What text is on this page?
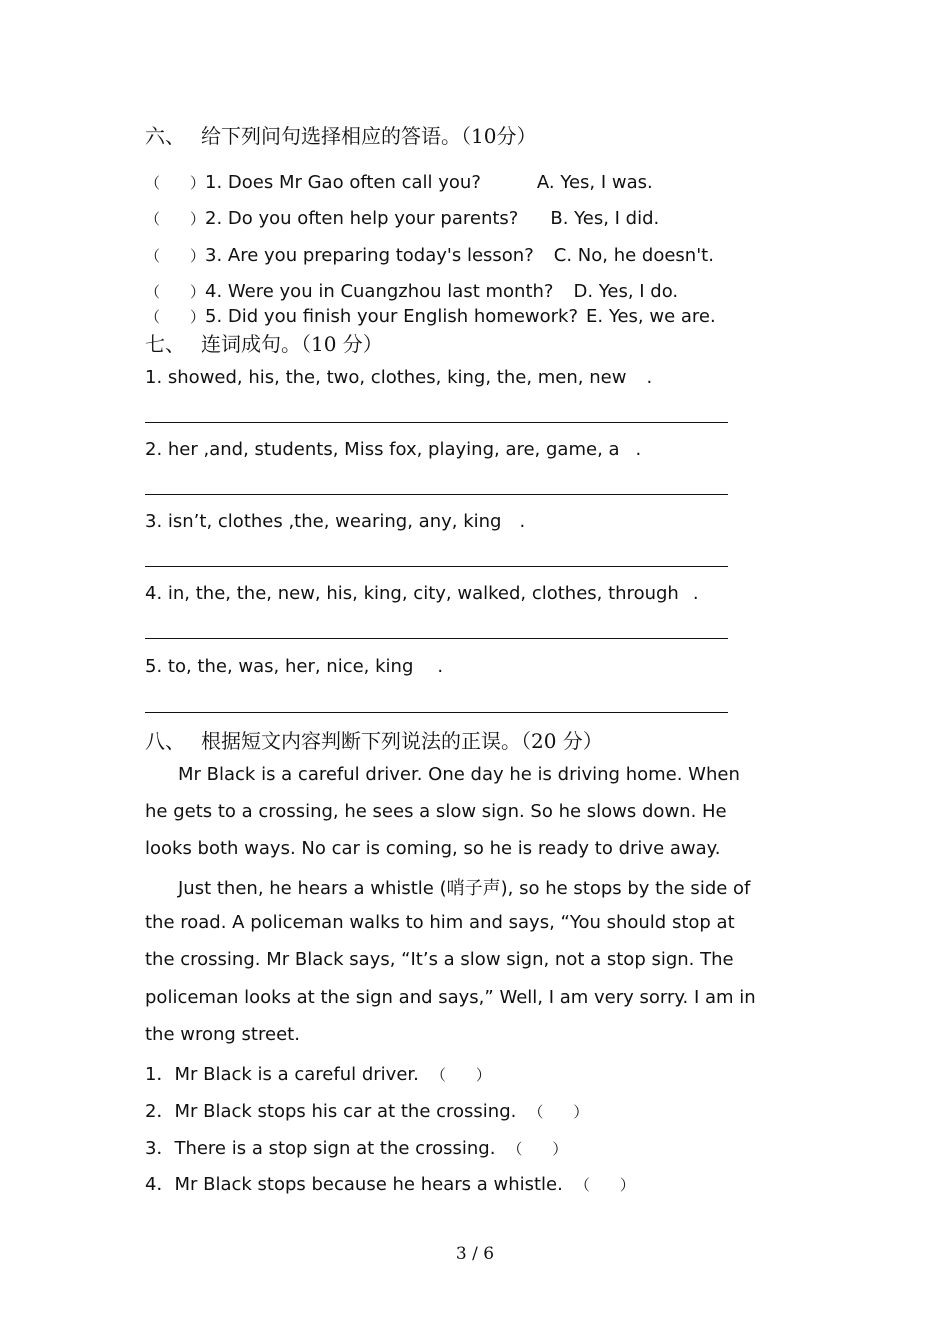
六、 给下列问句选择相应的答语。（10分）
（　　）1. Does Mr Gao often call you?	A. Yes, I was.
（　　）2. Do you often help your parents? B. Yes, I did.
（　　）3. Are you preparing today's lesson? C. No, he doesn't.
（　　）4. Were you in Cuangzhou last month? D. Yes, I do.
（　　）5. Did you finish your English homework? E. Yes, we are.
七、 连词成句。（10 分）
1. showed, his, the, two, clothes, king, the, men, new .
2. her ,and, students, Miss fox, playing, are, game, a .
3. isn’t, clothes ,the, wearing, any, king .
4. in, the, the, new, his, king, city, walked, clothes, through .
5. to, the, was, her, nice, king .
八、 根据短文内容判断下列说法的正误。（20 分）
Mr Black is a careful driver. One day he is driving home. When
he gets to a crossing, he sees a slow sign. So he slows down. He
looks both ways. No car is coming, so he is ready to drive away.
Just then, he hears a whistle (哨子声), so he stops by the side of
the road. A policeman walks to him and says, “You should stop at
the crossing. Mr Black says, “It’s a slow sign, not a stop sign. The
policeman looks at the sign and says,” Well, I am very sorry. I am in
the wrong street.
1．Mr Black is a careful driver. （　　）
2．Mr Black stops his car at the crossing. （　　）
3．There is a stop sign at the crossing. （　　）
4．Mr Black stops because he hears a whistle. （　　）
3 / 6
